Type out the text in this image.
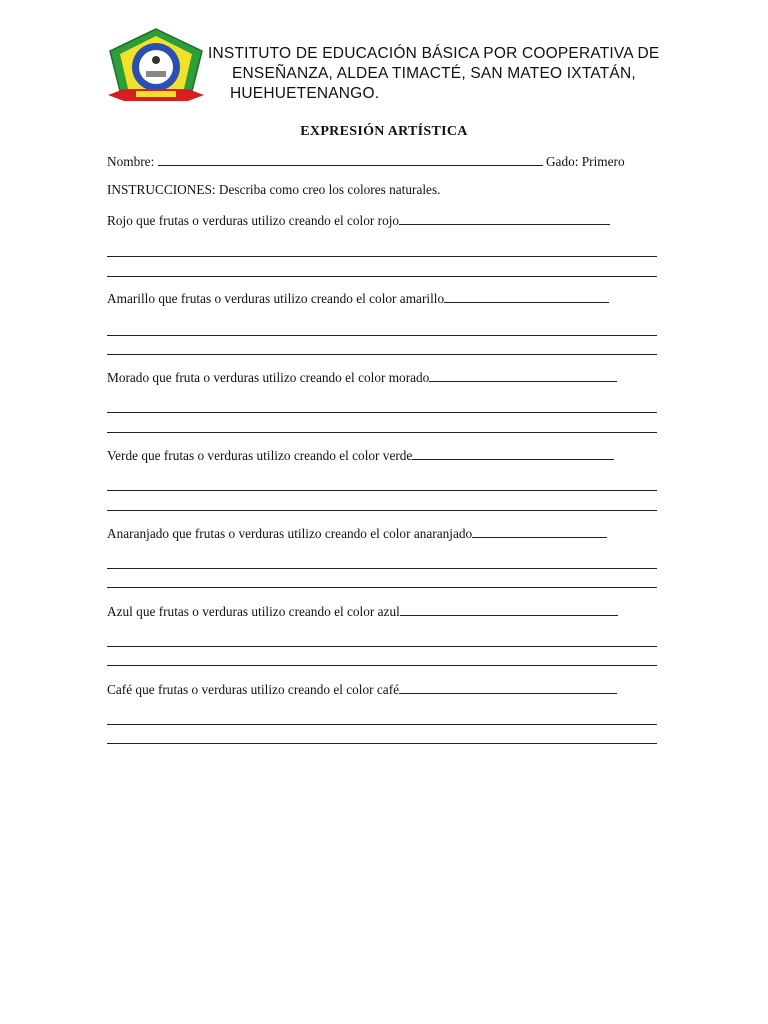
INSTITUTO DE EDUCACIÓN BÁSICA POR COOPERATIVA DE
ENSEÑANZA, ALDEA TIMACTÉ, SAN MATEO IXTATÁN,
HUEHUETENANGO.
EXPRESIÓN ARTÍSTICA
Nombre:	Gado: Primero
INSTRUCCIONES: Describa como creo los colores naturales.
Rojo que frutas o verduras utilizo creando el color rojo
Amarillo que frutas o verduras utilizo creando el color amarillo
Morado que fruta o verduras utilizo creando el color morado
Verde que frutas o verduras utilizo creando el color verde
Anaranjado que frutas o verduras utilizo creando el color anaranjado
Azul que frutas o verduras utilizo creando el color azul
Café que frutas o verduras utilizo creando el color café
